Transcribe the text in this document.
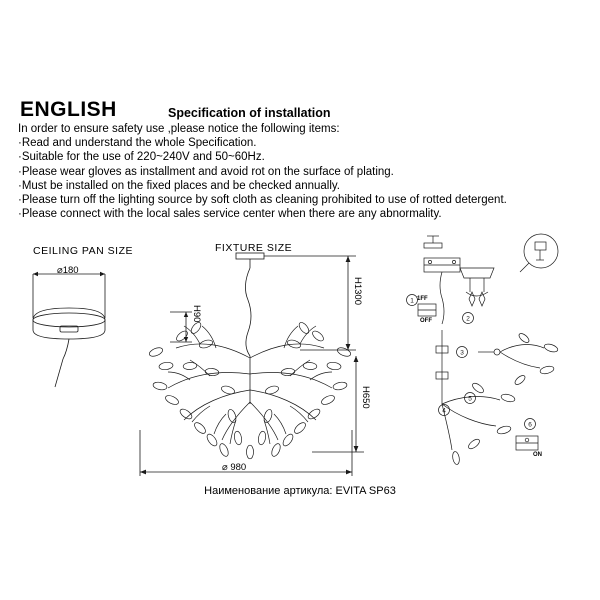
ENGLISH	Specification of installation
In order to ensure safety use ,please notice the following items:
·Read and understand the whole Specification.
·Suitable for the use of 220~240V and 50~60Hz.
·Please wear gloves as installment and avoid rot on the surface of plating.
·Must be installed on the fixed places and be checked annually.
·Please turn off the lighting source by soft cloth as cleaning prohibited to use of rotted detergent.
·Please connect with the local sales service center when there are any abnormality.
CEILING PAN SIZE	FIXTURE SIZE
⌀180
H90
⌀ 980
H1300
H650
OFF
ON
1FF
Наименование артикула: EVITA SP63
1
2
3
4
5
6
